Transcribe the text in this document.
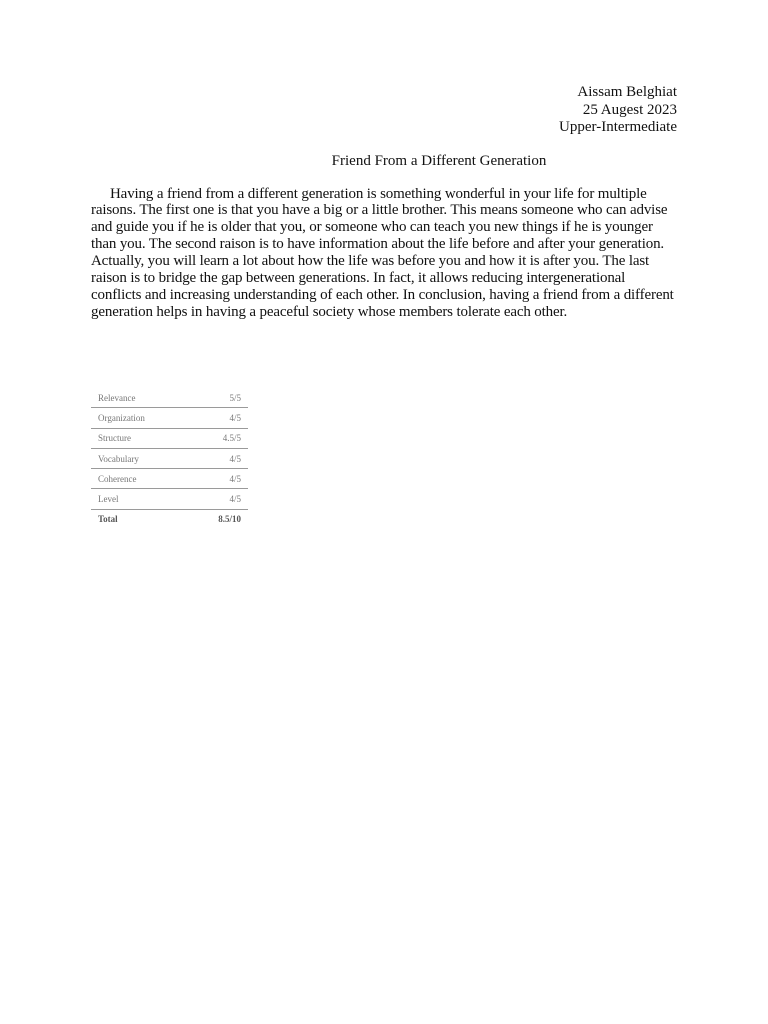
Aissam Belghiat
25 Augest 2023
Upper-Intermediate
Friend From a Different Generation

Having a friend from a different generation is something wonderful in your life for multiple raisons. The first one is that you have a big or a little brother. This means someone who can advise and guide you if he is older that you, or someone who can teach you new things if he is younger than you. The second raison is to have information about the life before and after your generation. Actually, you will learn a lot about how the life was before you and how it is after you. The last raison is to bridge the gap between generations. In fact, it allows reducing intergenerational conflicts and increasing understanding of each other. In conclusion, having a friend from a different generation helps in having a peaceful society whose members tolerate each other.

Relevance	5/5
Organization	4/5
Structure	4.5/5
Vocabulary	4/5
Coherence	4/5
Level	4/5
Total	8.5/10
